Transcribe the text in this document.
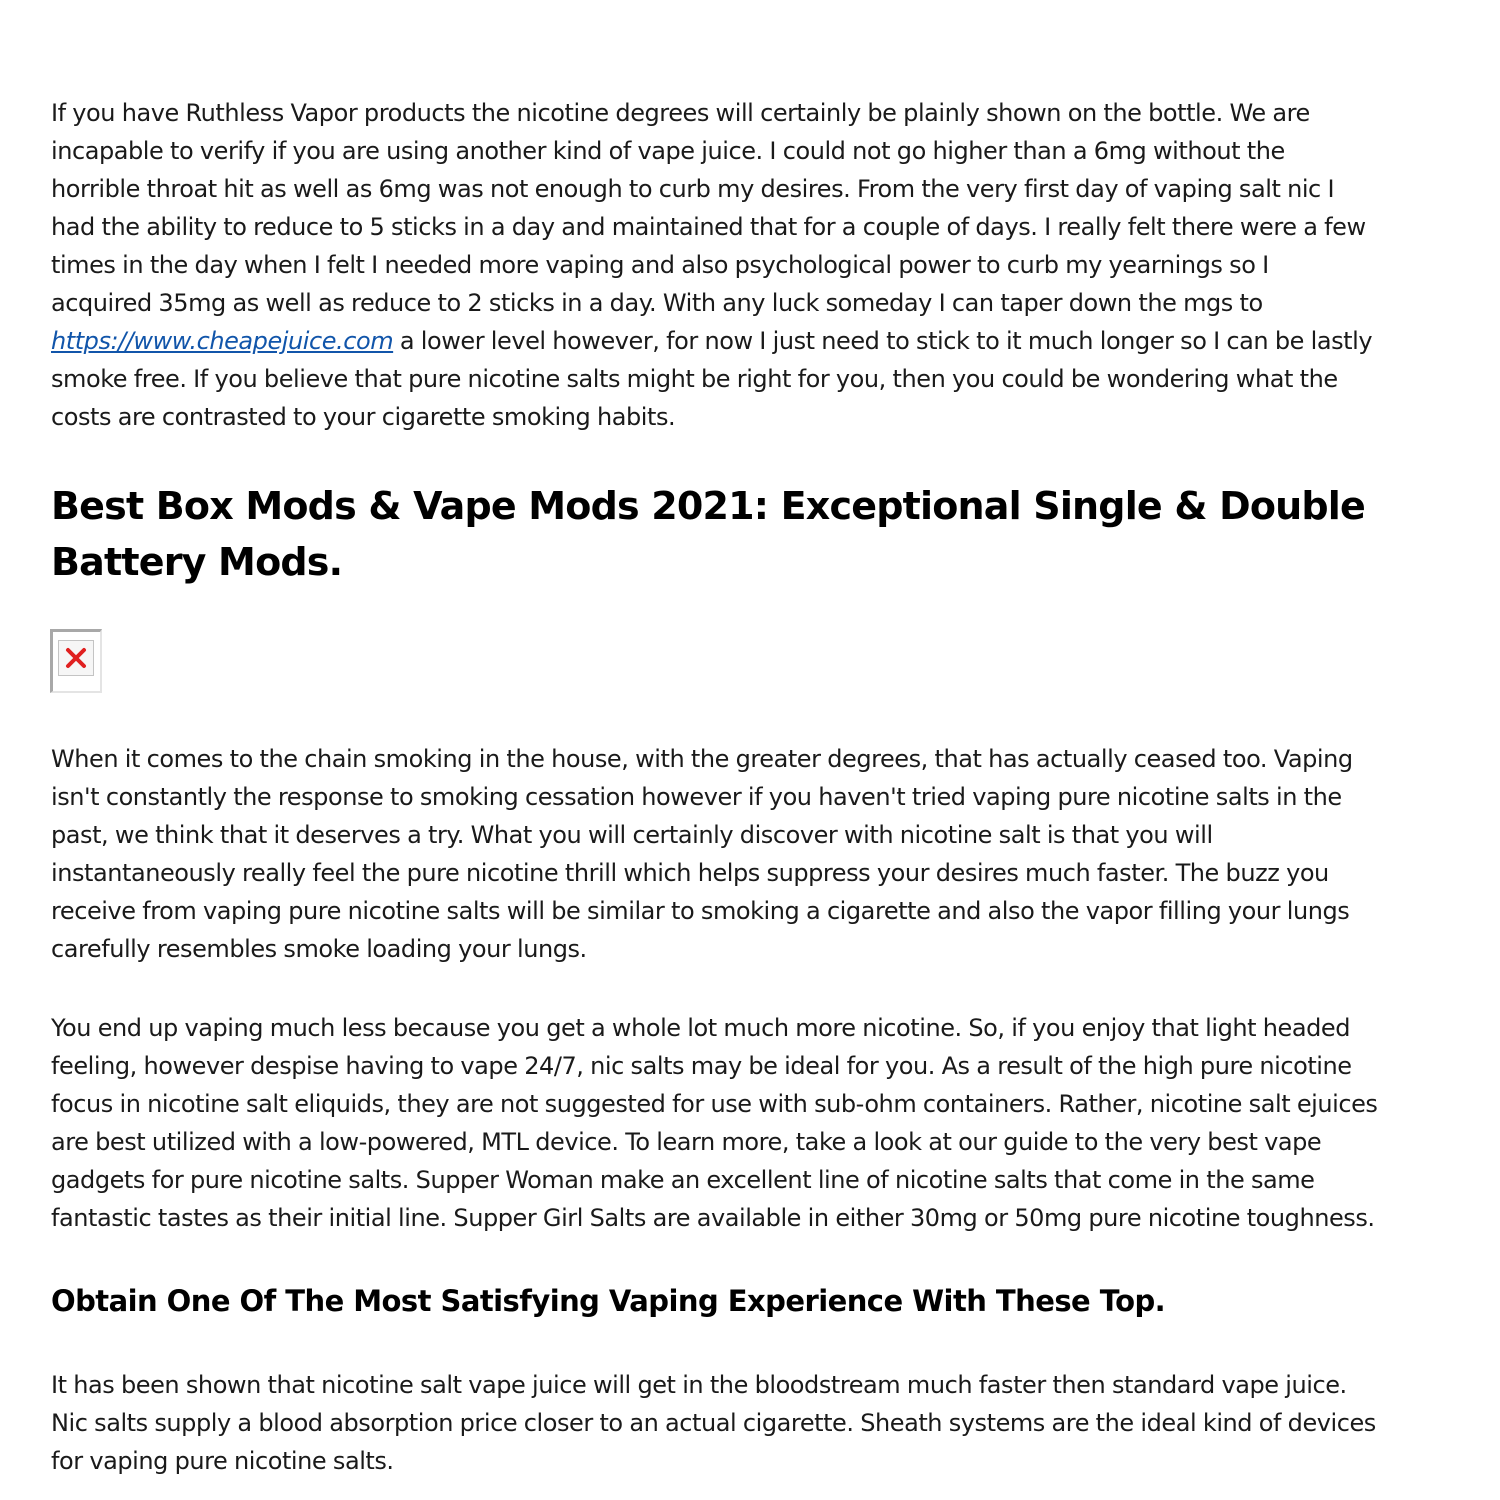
If you have Ruthless Vapor products the nicotine degrees will certainly be plainly shown on the bottle. We are
incapable to verify if you are using another kind of vape juice. I could not go higher than a 6mg without the
horrible throat hit as well as 6mg was not enough to curb my desires. From the very first day of vaping salt nic I
had the ability to reduce to 5 sticks in a day and maintained that for a couple of days. I really felt there were a few
times in the day when I felt I needed more vaping and also psychological power to curb my yearnings so I
acquired 35mg as well as reduce to 2 sticks in a day. With any luck someday I can taper down the mgs to
https://www.cheapejuice.com a lower level however, for now I just need to stick to it much longer so I can be lastly
smoke free. If you believe that pure nicotine salts might be right for you, then you could be wondering what the
costs are contrasted to your cigarette smoking habits.

Best Box Mods & Vape Mods 2021: Exceptional Single & Double
Battery Mods.

When it comes to the chain smoking in the house, with the greater degrees, that has actually ceased too. Vaping
isn't constantly the response to smoking cessation however if you haven't tried vaping pure nicotine salts in the
past, we think that it deserves a try. What you will certainly discover with nicotine salt is that you will
instantaneously really feel the pure nicotine thrill which helps suppress your desires much faster. The buzz you
receive from vaping pure nicotine salts will be similar to smoking a cigarette and also the vapor filling your lungs
carefully resembles smoke loading your lungs.

You end up vaping much less because you get a whole lot much more nicotine. So, if you enjoy that light headed
feeling, however despise having to vape 24/7, nic salts may be ideal for you. As a result of the high pure nicotine
focus in nicotine salt eliquids, they are not suggested for use with sub-ohm containers. Rather, nicotine salt ejuices
are best utilized with a low-powered, MTL device. To learn more, take a look at our guide to the very best vape
gadgets for pure nicotine salts. Supper Woman make an excellent line of nicotine salts that come in the same
fantastic tastes as their initial line. Supper Girl Salts are available in either 30mg or 50mg pure nicotine toughness.

Obtain One Of The Most Satisfying Vaping Experience With These Top.

It has been shown that nicotine salt vape juice will get in the bloodstream much faster then standard vape juice.
Nic salts supply a blood absorption price closer to an actual cigarette. Sheath systems are the ideal kind of devices
for vaping pure nicotine salts.
